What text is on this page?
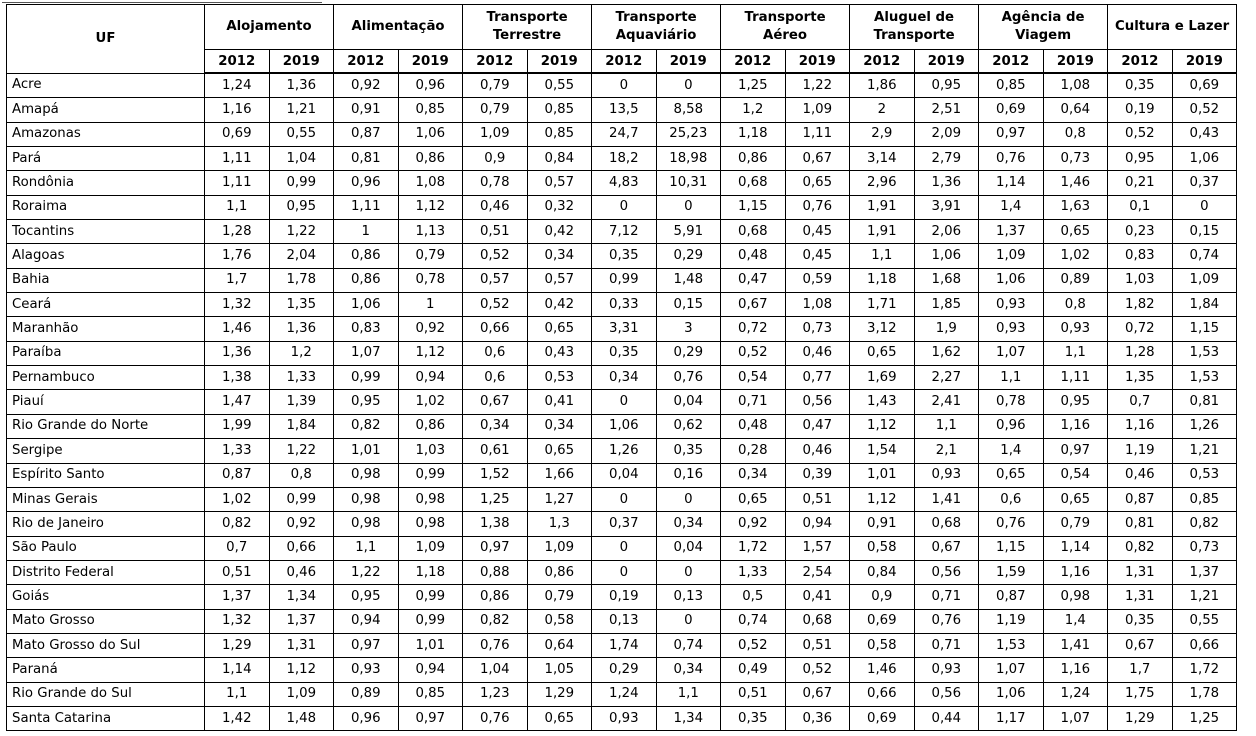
UF	Alojamento		Alimentação		Transporte Terrestre		Transporte Aquaviário		Transporte Aéreo		Aluguel de Transporte		Agência de Viagem		Cultura e Lazer	
	2012	2019	2012	2019	2012	2019	2012	2019	2012	2019	2012	2019	2012	2019	2012	2019
Acre	1,24	1,36	0,92	0,96	0,79	0,55	0	0	1,25	1,22	1,86	0,95	0,85	1,08	0,35	0,69
Amapá	1,16	1,21	0,91	0,85	0,79	0,85	13,5	8,58	1,2	1,09	2	2,51	0,69	0,64	0,19	0,52
Amazonas	0,69	0,55	0,87	1,06	1,09	0,85	24,7	25,23	1,18	1,11	2,9	2,09	0,97	0,8	0,52	0,43
Pará	1,11	1,04	0,81	0,86	0,9	0,84	18,2	18,98	0,86	0,67	3,14	2,79	0,76	0,73	0,95	1,06
Rondônia	1,11	0,99	0,96	1,08	0,78	0,57	4,83	10,31	0,68	0,65	2,96	1,36	1,14	1,46	0,21	0,37
Roraima	1,1	0,95	1,11	1,12	0,46	0,32	0	0	1,15	0,76	1,91	3,91	1,4	1,63	0,1	0
Tocantins	1,28	1,22	1	1,13	0,51	0,42	7,12	5,91	0,68	0,45	1,91	2,06	1,37	0,65	0,23	0,15
Alagoas	1,76	2,04	0,86	0,79	0,52	0,34	0,35	0,29	0,48	0,45	1,1	1,06	1,09	1,02	0,83	0,74
Bahia	1,7	1,78	0,86	0,78	0,57	0,57	0,99	1,48	0,47	0,59	1,18	1,68	1,06	0,89	1,03	1,09
Ceará	1,32	1,35	1,06	1	0,52	0,42	0,33	0,15	0,67	1,08	1,71	1,85	0,93	0,8	1,82	1,84
Maranhão	1,46	1,36	0,83	0,92	0,66	0,65	3,31	3	0,72	0,73	3,12	1,9	0,93	0,93	0,72	1,15
Paraíba	1,36	1,2	1,07	1,12	0,6	0,43	0,35	0,29	0,52	0,46	0,65	1,62	1,07	1,1	1,28	1,53
Pernambuco	1,38	1,33	0,99	0,94	0,6	0,53	0,34	0,76	0,54	0,77	1,69	2,27	1,1	1,11	1,35	1,53
Piauí	1,47	1,39	0,95	1,02	0,67	0,41	0	0,04	0,71	0,56	1,43	2,41	0,78	0,95	0,7	0,81
Rio Grande do Norte	1,99	1,84	0,82	0,86	0,34	0,34	1,06	0,62	0,48	0,47	1,12	1,1	0,96	1,16	1,16	1,26
Sergipe	1,33	1,22	1,01	1,03	0,61	0,65	1,26	0,35	0,28	0,46	1,54	2,1	1,4	0,97	1,19	1,21
Espírito Santo	0,87	0,8	0,98	0,99	1,52	1,66	0,04	0,16	0,34	0,39	1,01	0,93	0,65	0,54	0,46	0,53
Minas Gerais	1,02	0,99	0,98	0,98	1,25	1,27	0	0	0,65	0,51	1,12	1,41	0,6	0,65	0,87	0,85
Rio de Janeiro	0,82	0,92	0,98	0,98	1,38	1,3	0,37	0,34	0,92	0,94	0,91	0,68	0,76	0,79	0,81	0,82
São Paulo	0,7	0,66	1,1	1,09	0,97	1,09	0	0,04	1,72	1,57	0,58	0,67	1,15	1,14	0,82	0,73
Distrito Federal	0,51	0,46	1,22	1,18	0,88	0,86	0	0	1,33	2,54	0,84	0,56	1,59	1,16	1,31	1,37
Goiás	1,37	1,34	0,95	0,99	0,86	0,79	0,19	0,13	0,5	0,41	0,9	0,71	0,87	0,98	1,31	1,21
Mato Grosso	1,32	1,37	0,94	0,99	0,82	0,58	0,13	0	0,74	0,68	0,69	0,76	1,19	1,4	0,35	0,55
Mato Grosso do Sul	1,29	1,31	0,97	1,01	0,76	0,64	1,74	0,74	0,52	0,51	0,58	0,71	1,53	1,41	0,67	0,66
Paraná	1,14	1,12	0,93	0,94	1,04	1,05	0,29	0,34	0,49	0,52	1,46	0,93	1,07	1,16	1,7	1,72
Rio Grande do Sul	1,1	1,09	0,89	0,85	1,23	1,29	1,24	1,1	0,51	0,67	0,66	0,56	1,06	1,24	1,75	1,78
Santa Catarina	1,42	1,48	0,96	0,97	0,76	0,65	0,93	1,34	0,35	0,36	0,69	0,44	1,17	1,07	1,29	1,25
